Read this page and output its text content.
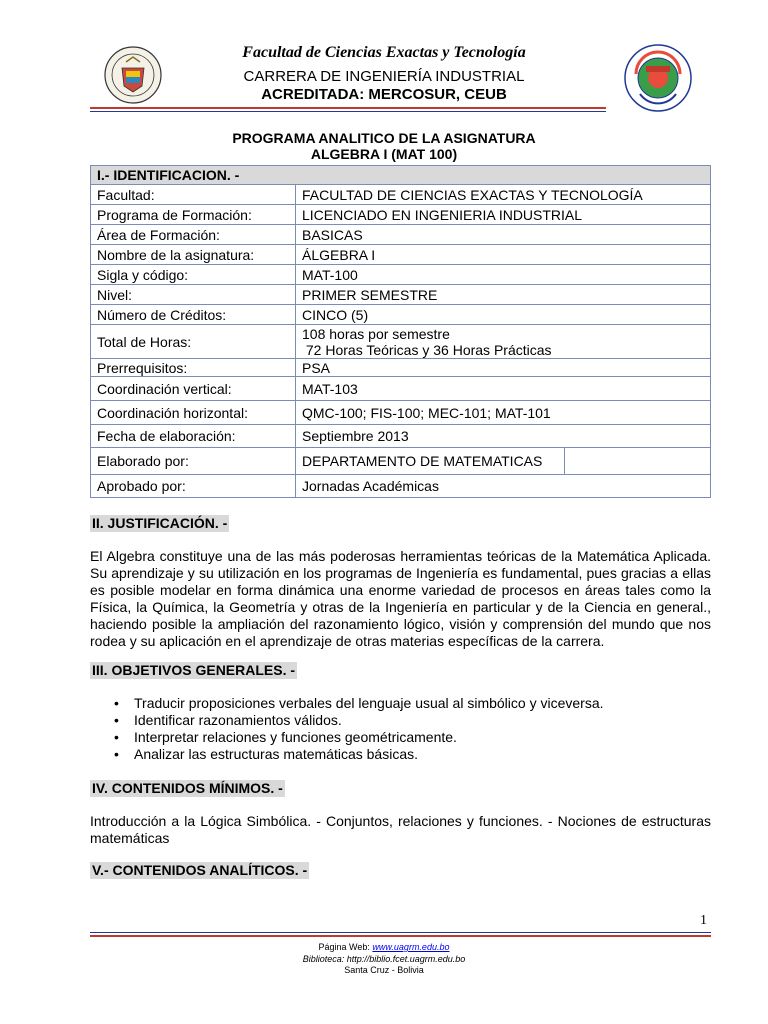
Facultad de Ciencias Exactas y Tecnología
CARRERA DE INGENIERÍA INDUSTRIAL
ACREDITADA: MERCOSUR, CEUB
PROGRAMA ANALITICO DE LA ASIGNATURA
ALGEBRA I (MAT 100)
I.- IDENTIFICACION. -		
Facultad:	FACULTAD DE CIENCIAS EXACTAS Y TECNOLOGÍA	
Programa de Formación:	LICENCIADO EN INGENIERIA INDUSTRIAL	
Área de Formación:	BASICAS	
Nombre de la asignatura:	ÁLGEBRA I	
Sigla y código:	MAT-100	
Nivel:	PRIMER SEMESTRE	
Número de Créditos:	CINCO (5)	
Total de Horas:	108 horas por semestre
72 Horas Teóricas y 36 Horas Prácticas	

Prerrequisitos:	PSA	
Coordinación vertical:	MAT-103	
Coordinación horizontal:	QMC-100; FIS-100; MEC-101; MAT-101	
Fecha de elaboración:	Septiembre 2013	
Elaborado por:	DEPARTAMENTO DE MATEMATICAS	
Aprobado por:	Jornadas Académicas	
II. JUSTIFICACIÓN. -
El Algebra constituye una de las más poderosas herramientas teóricas de la Matemática Aplicada. Su aprendizaje y su utilización en los programas de Ingeniería es fundamental, pues gracias a ellas es posible modelar en forma dinámica una enorme variedad de procesos en áreas tales como la Física, la Química, la Geometría y otras de la Ingeniería en particular y de la Ciencia en general., haciendo posible la ampliación del razonamiento lógico, visión y comprensión del mundo que nos rodea y su aplicación en el aprendizaje de otras materias específicas de la carrera.
III. OBJETIVOS GENERALES. -
• Traducir proposiciones verbales del lenguaje usual al simbólico y viceversa.
• Identificar razonamientos válidos.
• Interpretar relaciones y funciones geométricamente.
• Analizar las estructuras matemáticas básicas.
IV. CONTENIDOS MÍNIMOS. -
Introducción a la Lógica Simbólica. - Conjuntos, relaciones y funciones. - Nociones de estructuras matemáticas
V.- CONTENIDOS ANALÍTICOS. -
1
Página Web: www.uagrm.edu.bo
Biblioteca: http://biblio.fcet.uagrm.edu.bo
Santa Cruz - Bolivia
